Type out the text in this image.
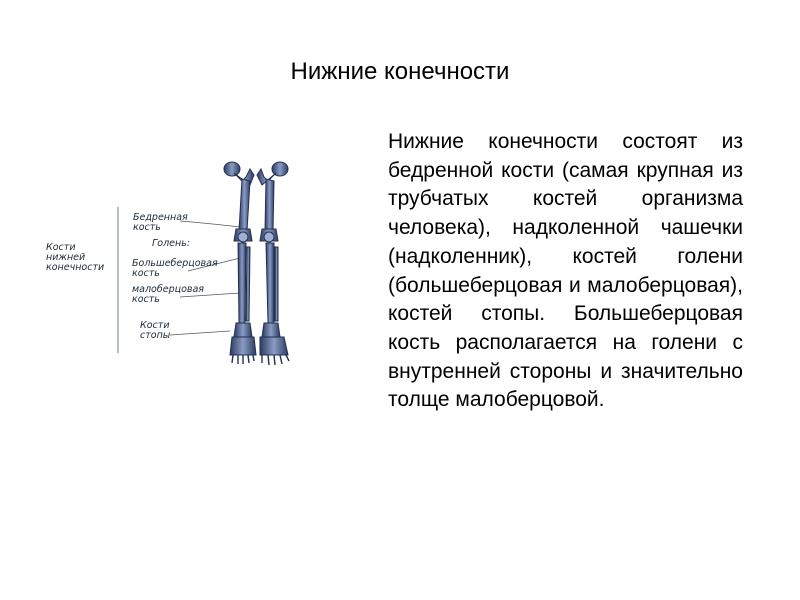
Нижние конечности
Нижние конечности состоят из бедренной кости (самая крупная из трубчатых костей организма человека), надколенной чашечки (надколенник), костей голени (большеберцовая и малоберцовая), костей стопы. Большеберцовая кость располагается на голени с внутренней стороны и значительно толще малоберцовой.
Кости
нижней
конечности
Бедренная
кость
Голень:
Большеберцовая
кость
малоберцовая
кость
Кости
стопы
